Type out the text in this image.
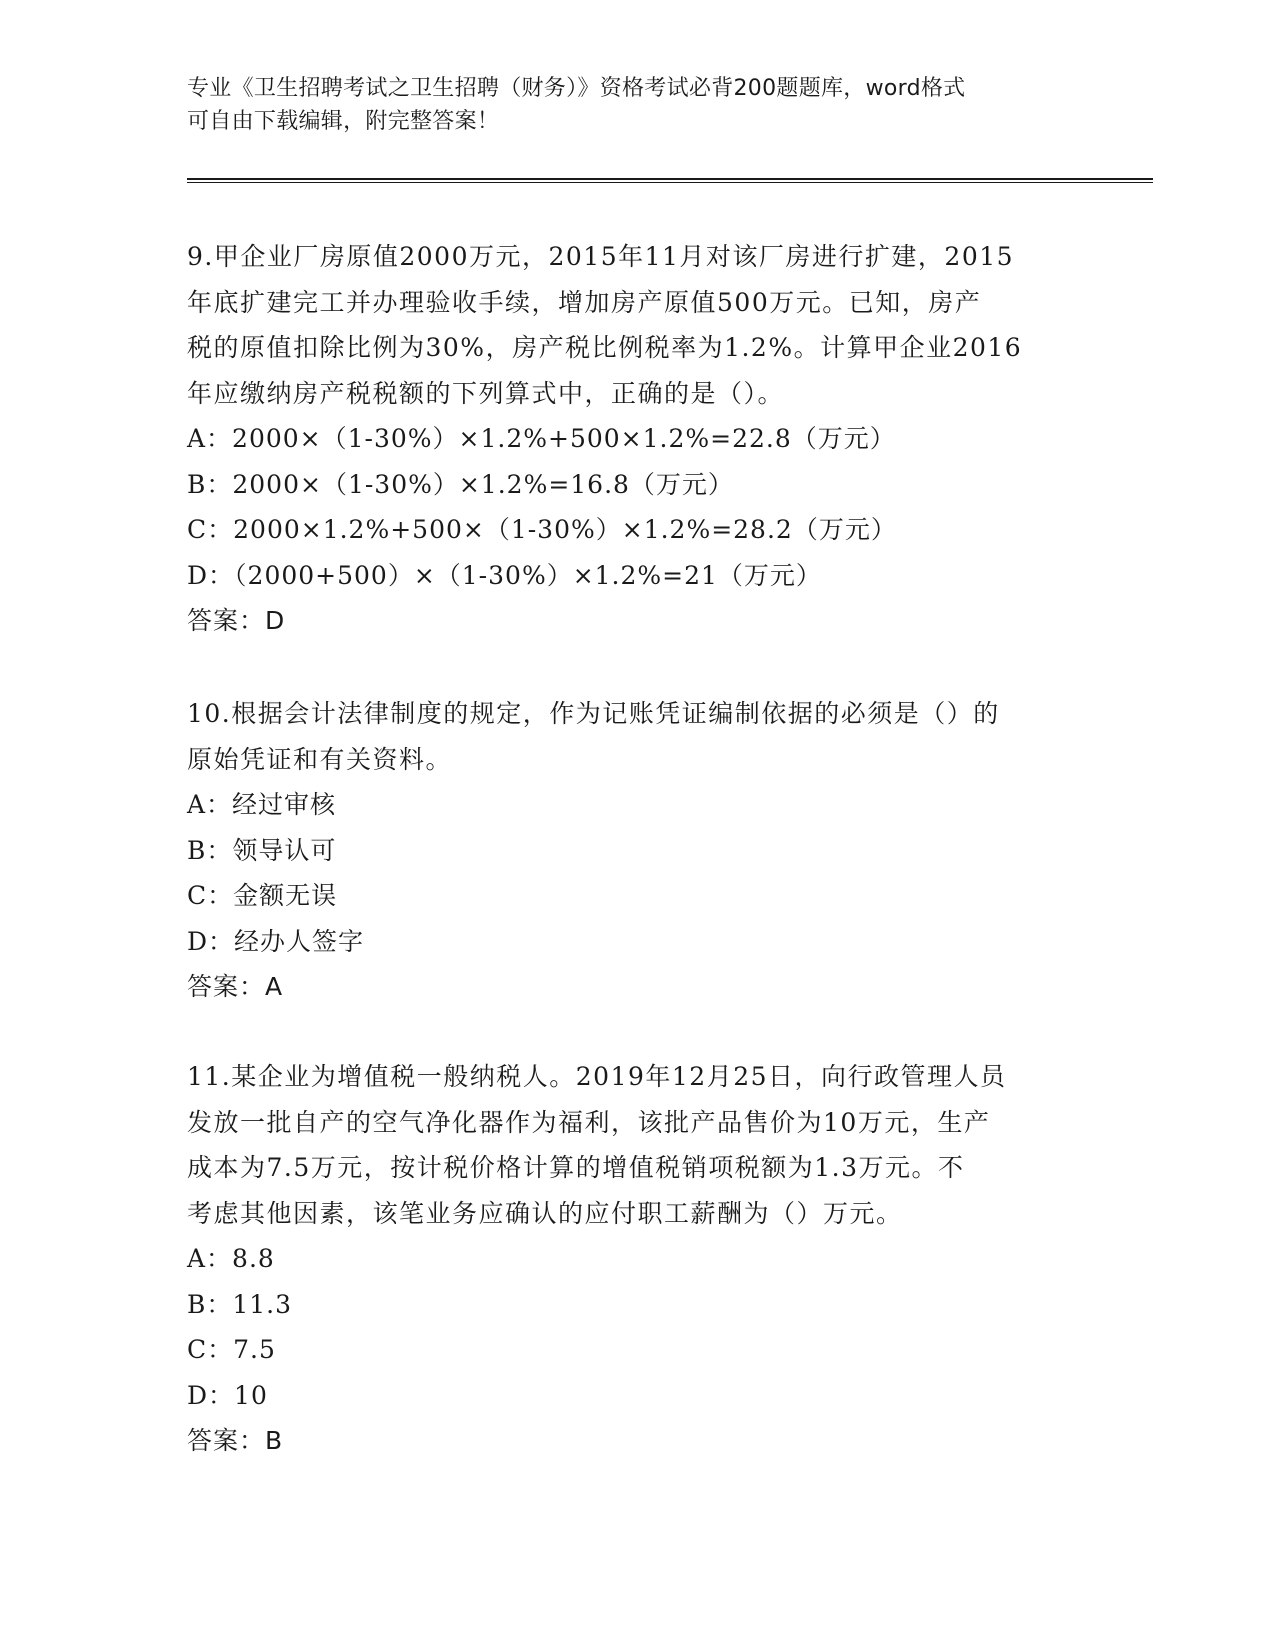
专业《卫生招聘考试之卫生招聘（财务）》资格考试必背200题题库，word格式
可自由下载编辑，附完整答案！
9.甲企业厂房原值2000万元，2015年11月对该厂房进行扩建，2015
年底扩建完工并办理验收手续，增加房产原值500万元。已知，房产
税的原值扣除比例为30%，房产税比例税率为1.2%。计算甲企业2016
年应缴纳房产税税额的下列算式中，正确的是（）。
A：2000×（1-30%）×1.2%+500×1.2%=22.8（万元）
B：2000×（1-30%）×1.2%=16.8（万元）
C：2000×1.2%+500×（1-30%）×1.2%=28.2（万元）
D：（2000+500）×（1-30%）×1.2%=21（万元）
答案：D
10.根据会计法律制度的规定，作为记账凭证编制依据的必须是（）的
原始凭证和有关资料。
A：经过审核
B：领导认可
C：金额无误
D：经办人签字
答案：A
11.某企业为增值税一般纳税人。2019年12月25日，向行政管理人员
发放一批自产的空气净化器作为福利，该批产品售价为10万元，生产
成本为7.5万元，按计税价格计算的增值税销项税额为1.3万元。不
考虑其他因素，该笔业务应确认的应付职工薪酬为（）万元。
A：8.8
B：11.3
C：7.5
D：10
答案：B
